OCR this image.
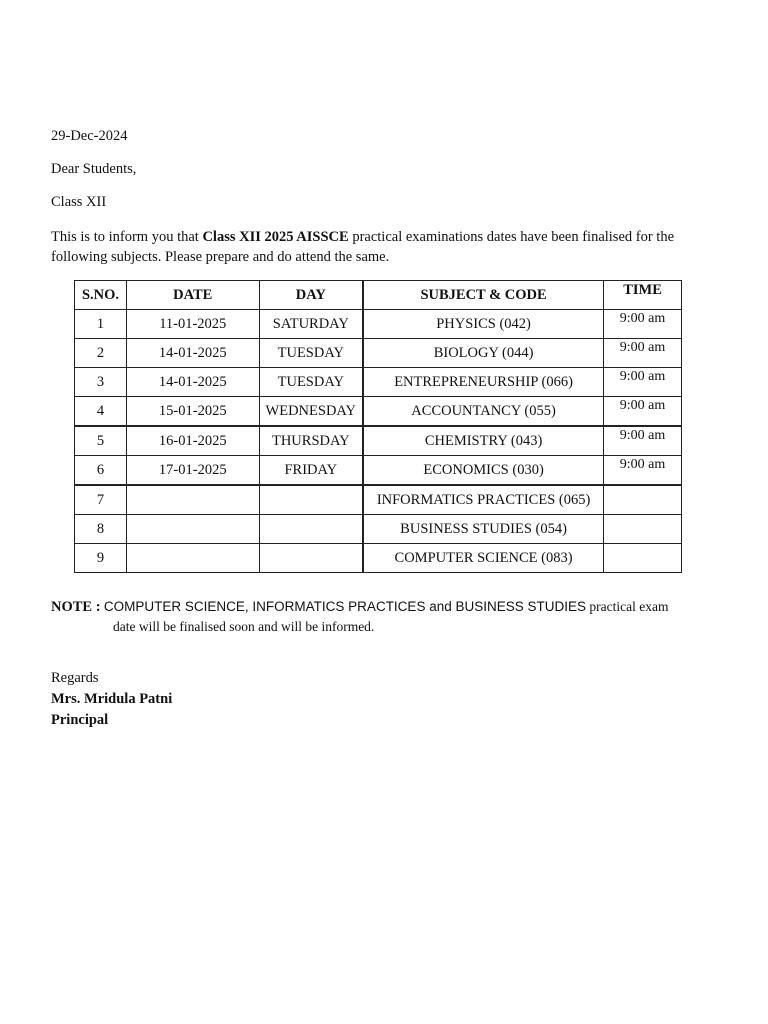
29-Dec-2024
Dear Students,
Class XII
This is to inform you that Class XII 2025 AISSCE practical examinations dates have been finalised for the following subjects. Please prepare and do attend the same.
S.NO.	DATE	DAY	SUBJECT & CODE	TIME
1	11-01-2025	SATURDAY	PHYSICS (042)	9:00 am
2	14-01-2025	TUESDAY	BIOLOGY (044)	9:00 am
3	14-01-2025	TUESDAY	ENTREPRENEURSHIP (066)	9:00 am
4	15-01-2025	WEDNESDAY	ACCOUNTANCY (055)	9:00 am
5	16-01-2025	THURSDAY	CHEMISTRY (043)	9:00 am
6	17-01-2025	FRIDAY	ECONOMICS (030)	9:00 am
7			INFORMATICS PRACTICES (065)	
8			BUSINESS STUDIES (054)	
9			COMPUTER SCIENCE (083)	
NOTE : COMPUTER SCIENCE, INFORMATICS PRACTICES and BUSINESS STUDIES practical exam
date will be finalised soon and will be informed.
Regards
Mrs. Mridula Patni
Principal
